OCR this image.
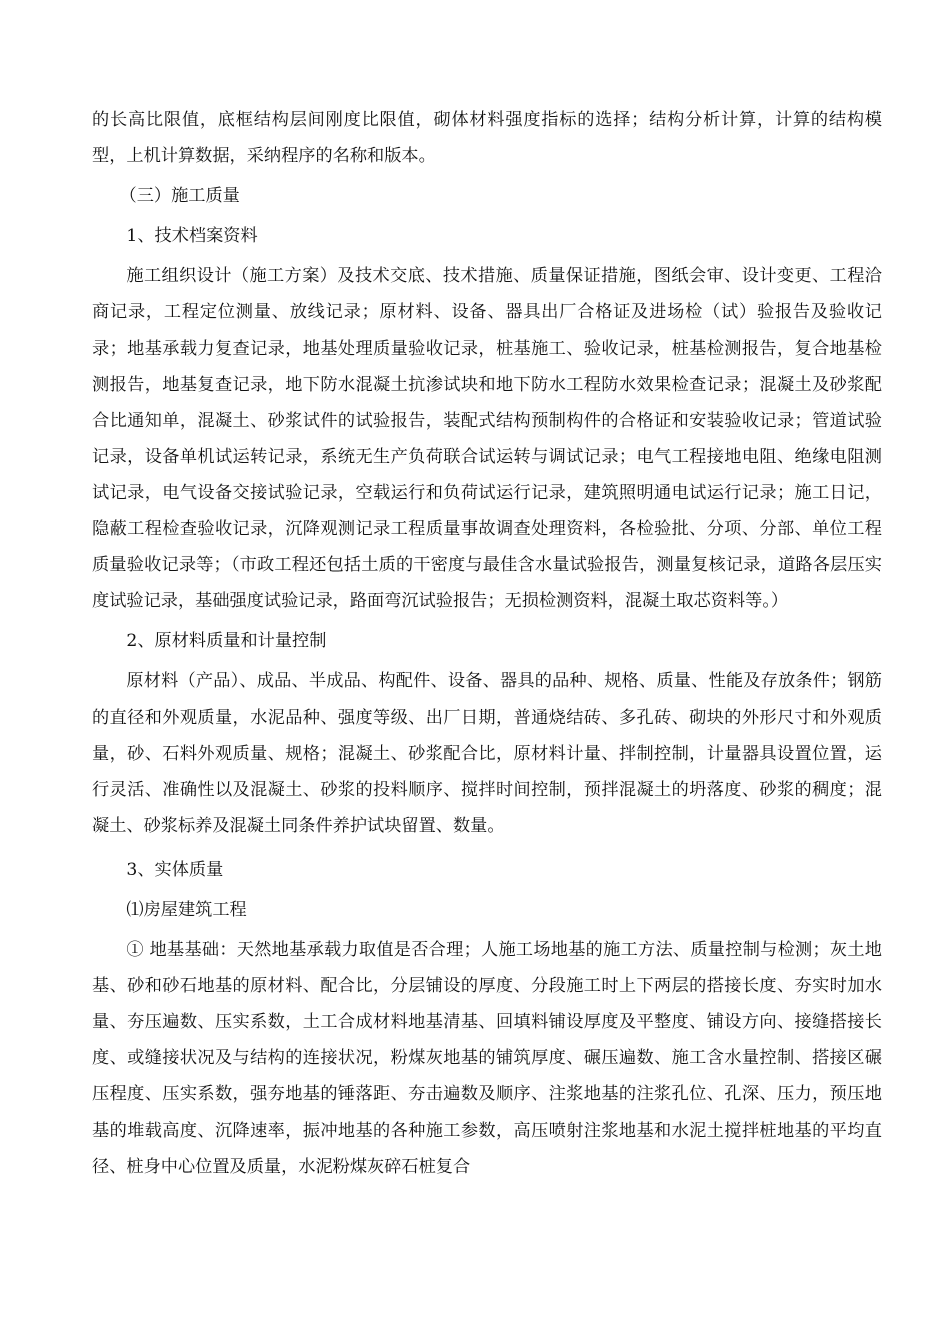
的长高比限值，底框结构层间刚度比限值，砌体材料强度指标的选择；结构分析计算，计算的结构模型，上机计算数据，采纳程序的名称和版本。

（三）施工质量

1、技术档案资料

施工组织设计（施工方案）及技术交底、技术措施、质量保证措施，图纸会审、设计变更、工程洽商记录，工程定位测量、放线记录；原材料、设备、器具出厂合格证及进场检（试）验报告及验收记录；地基承载力复查记录，地基处理质量验收记录，桩基施工、验收记录，桩基检测报告，复合地基检测报告，地基复查记录，地下防水混凝土抗渗试块和地下防水工程防水效果检查记录；混凝土及砂浆配合比通知单，混凝土、砂浆试件的试验报告，装配式结构预制构件的合格证和安装验收记录；管道试验记录，设备单机试运转记录，系统无生产负荷联合试运转与调试记录；电气工程接地电阻、绝缘电阻测试记录，电气设备交接试验记录，空载运行和负荷试运行记录，建筑照明通电试运行记录；施工日记，隐蔽工程检查验收记录，沉降观测记录工程质量事故调查处理资料，各检验批、分项、分部、单位工程质量验收记录等；（市政工程还包括土质的干密度与最佳含水量试验报告，测量复核记录，道路各层压实度试验记录，基础强度试验记录，路面弯沉试验报告；无损检测资料，混凝土取芯资料等。）

2、原材料质量和计量控制

原材料（产品）、成品、半成品、构配件、设备、器具的品种、规格、质量、性能及存放条件；钢筋的直径和外观质量，水泥品种、强度等级、出厂日期，普通烧结砖、多孔砖、砌块的外形尺寸和外观质量，砂、石料外观质量、规格；混凝土、砂浆配合比，原材料计量、拌制控制，计量器具设置位置，运行灵活、准确性以及混凝土、砂浆的投料顺序、搅拌时间控制，预拌混凝土的坍落度、砂浆的稠度；混凝土、砂浆标养及混凝土同条件养护试块留置、数量。

3、实体质量

⑴房屋建筑工程

① 地基基础：天然地基承载力取值是否合理；人施工场地基的施工方法、质量控制与检测；灰土地基、砂和砂石地基的原材料、配合比，分层铺设的厚度、分段施工时上下两层的搭接长度、夯实时加水量、夯压遍数、压实系数，土工合成材料地基清基、回填料铺设厚度及平整度、铺设方向、接缝搭接长度、或缝接状况及与结构的连接状况，粉煤灰地基的铺筑厚度、碾压遍数、施工含水量控制、搭接区碾压程度、压实系数，强夯地基的锤落距、夯击遍数及顺序、注浆地基的注浆孔位、孔深、压力，预压地基的堆载高度、沉降速率，振冲地基的各种施工参数，高压喷射注浆地基和水泥土搅拌桩地基的平均直径、桩身中心位置及质量，水泥粉煤灰碎石桩复合
